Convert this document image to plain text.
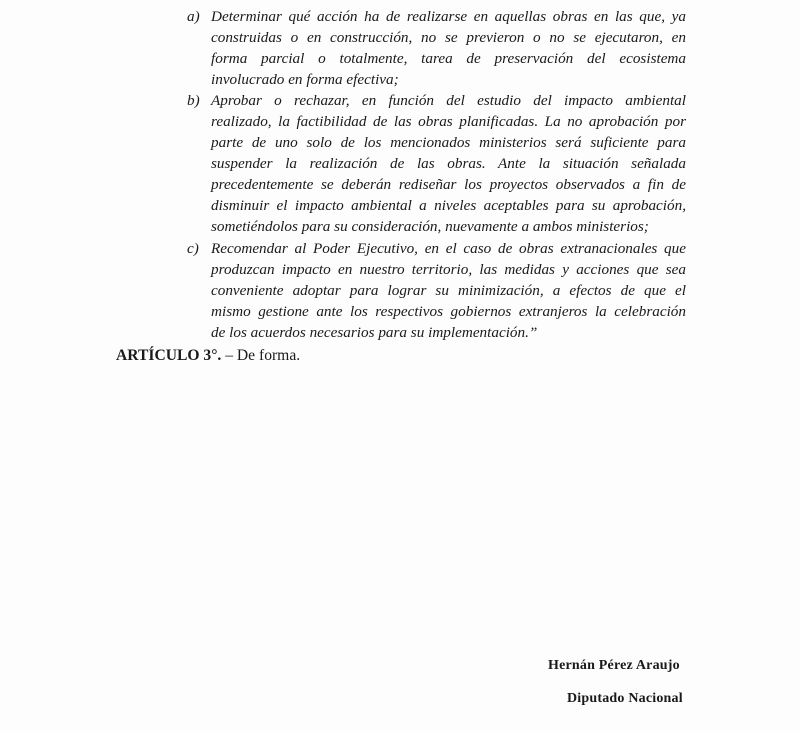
a) Determinar qué acción ha de realizarse en aquellas obras en las que, ya
construidas o en construcción, no se previeron o no se ejecutaron, en
forma parcial o totalmente, tarea de preservación del ecosistema
involucrado en forma efectiva;
b) Aprobar o rechazar, en función del estudio del impacto ambiental
realizado, la factibilidad de las obras planificadas. La no aprobación por
parte de uno solo de los mencionados ministerios será suficiente para
suspender la realización de las obras. Ante la situación señalada
precedentemente se deberán rediseñar los proyectos observados a fin de
disminuir el impacto ambiental a niveles aceptables para su aprobación,
sometiéndolos para su consideración, nuevamente a ambos ministerios;
c) Recomendar al Poder Ejecutivo, en el caso de obras extranacionales que
produzcan impacto en nuestro territorio, las medidas y acciones que sea
conveniente adoptar para lograr su minimización, a efectos de que el
mismo gestione ante los respectivos gobiernos extranjeros la celebración
de los acuerdos necesarios para su implementación.”
ARTÍCULO 3°. – De forma.
Hernán Pérez Araujo
Diputado Nacional
